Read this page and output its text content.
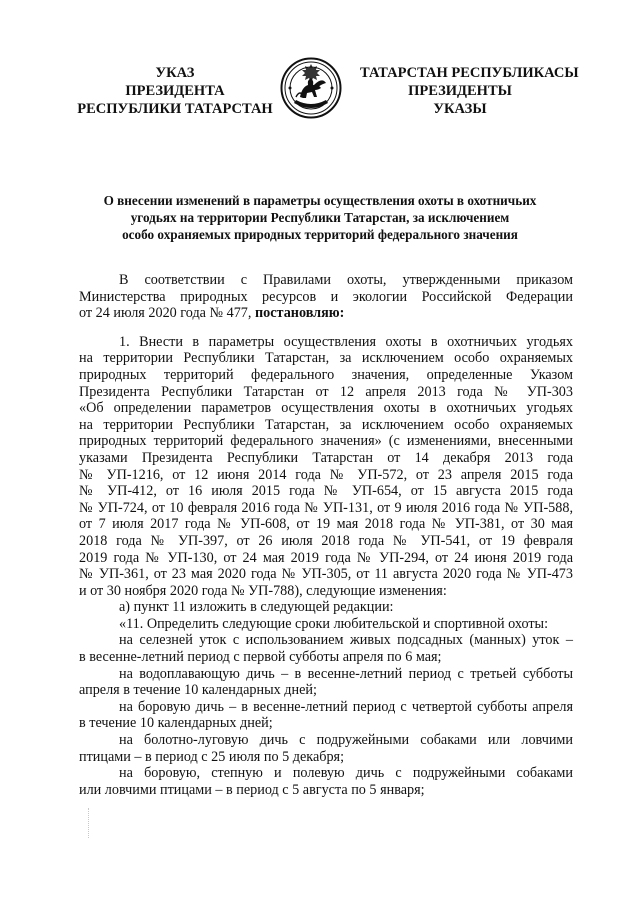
УКАЗ
ПРЕЗИДЕНТА
РЕСПУБЛИКИ ТАТАРСТАН
ТАТАРСТАН РЕСПУБЛИКАСЫ
ПРЕЗИДЕНТЫ
УКАЗЫ
О внесении изменений в параметры осуществления охоты в охотничьих
угодьях на территории Республики Татарстан, за исключением
особо охраняемых природных территорий федерального значения
В соответствии с Правилами охоты, утвержденными приказом
Министерства природных ресурсов и экологии Российской Федерации
от 24 июля 2020 года № 477, постановляю:
1. Внести в параметры осуществления охоты в охотничьих угодьях
на территории Республики Татарстан, за исключением особо охраняемых
природных территорий федерального значения, определенные Указом
Президента Республики Татарстан от 12 апреля 2013 года № УП-303
«Об определении параметров осуществления охоты в охотничьих угодьях
на территории Республики Татарстан, за исключением особо охраняемых
природных территорий федерального значения» (с изменениями, внесенными
указами Президента Республики Татарстан от 14 декабря 2013 года
№ УП-1216, от 12 июня 2014 года № УП-572, от 23 апреля 2015 года
№ УП-412, от 16 июля 2015 года № УП-654, от 15 августа 2015 года
№ УП-724, от 10 февраля 2016 года № УП-131, от 9 июля 2016 года № УП-588,
от 7 июля 2017 года № УП-608, от 19 мая 2018 года № УП-381, от 30 мая
2018 года № УП-397, от 26 июля 2018 года № УП-541, от 19 февраля
2019 года № УП-130, от 24 мая 2019 года № УП-294, от 24 июня 2019 года
№ УП-361, от 23 мая 2020 года № УП-305, от 11 августа 2020 года № УП-473
и от 30 ноября 2020 года № УП-788), следующие изменения:
а) пункт 11 изложить в следующей редакции:
«11. Определить следующие сроки любительской и спортивной охоты:
на селезней уток с использованием живых подсадных (манных) уток –
в весенне-летний период с первой субботы апреля по 6 мая;
на водоплавающую дичь – в весенне-летний период с третьей субботы
апреля в течение 10 календарных дней;
на боровую дичь – в весенне-летний период с четвертой субботы апреля
в течение 10 календарных дней;
на болотно-луговую дичь с подружейными собаками или ловчими
птицами – в период с 25 июля по 5 декабря;
на боровую, степную и полевую дичь с подружейными собаками
или ловчими птицами – в период с 5 августа по 5 января;
